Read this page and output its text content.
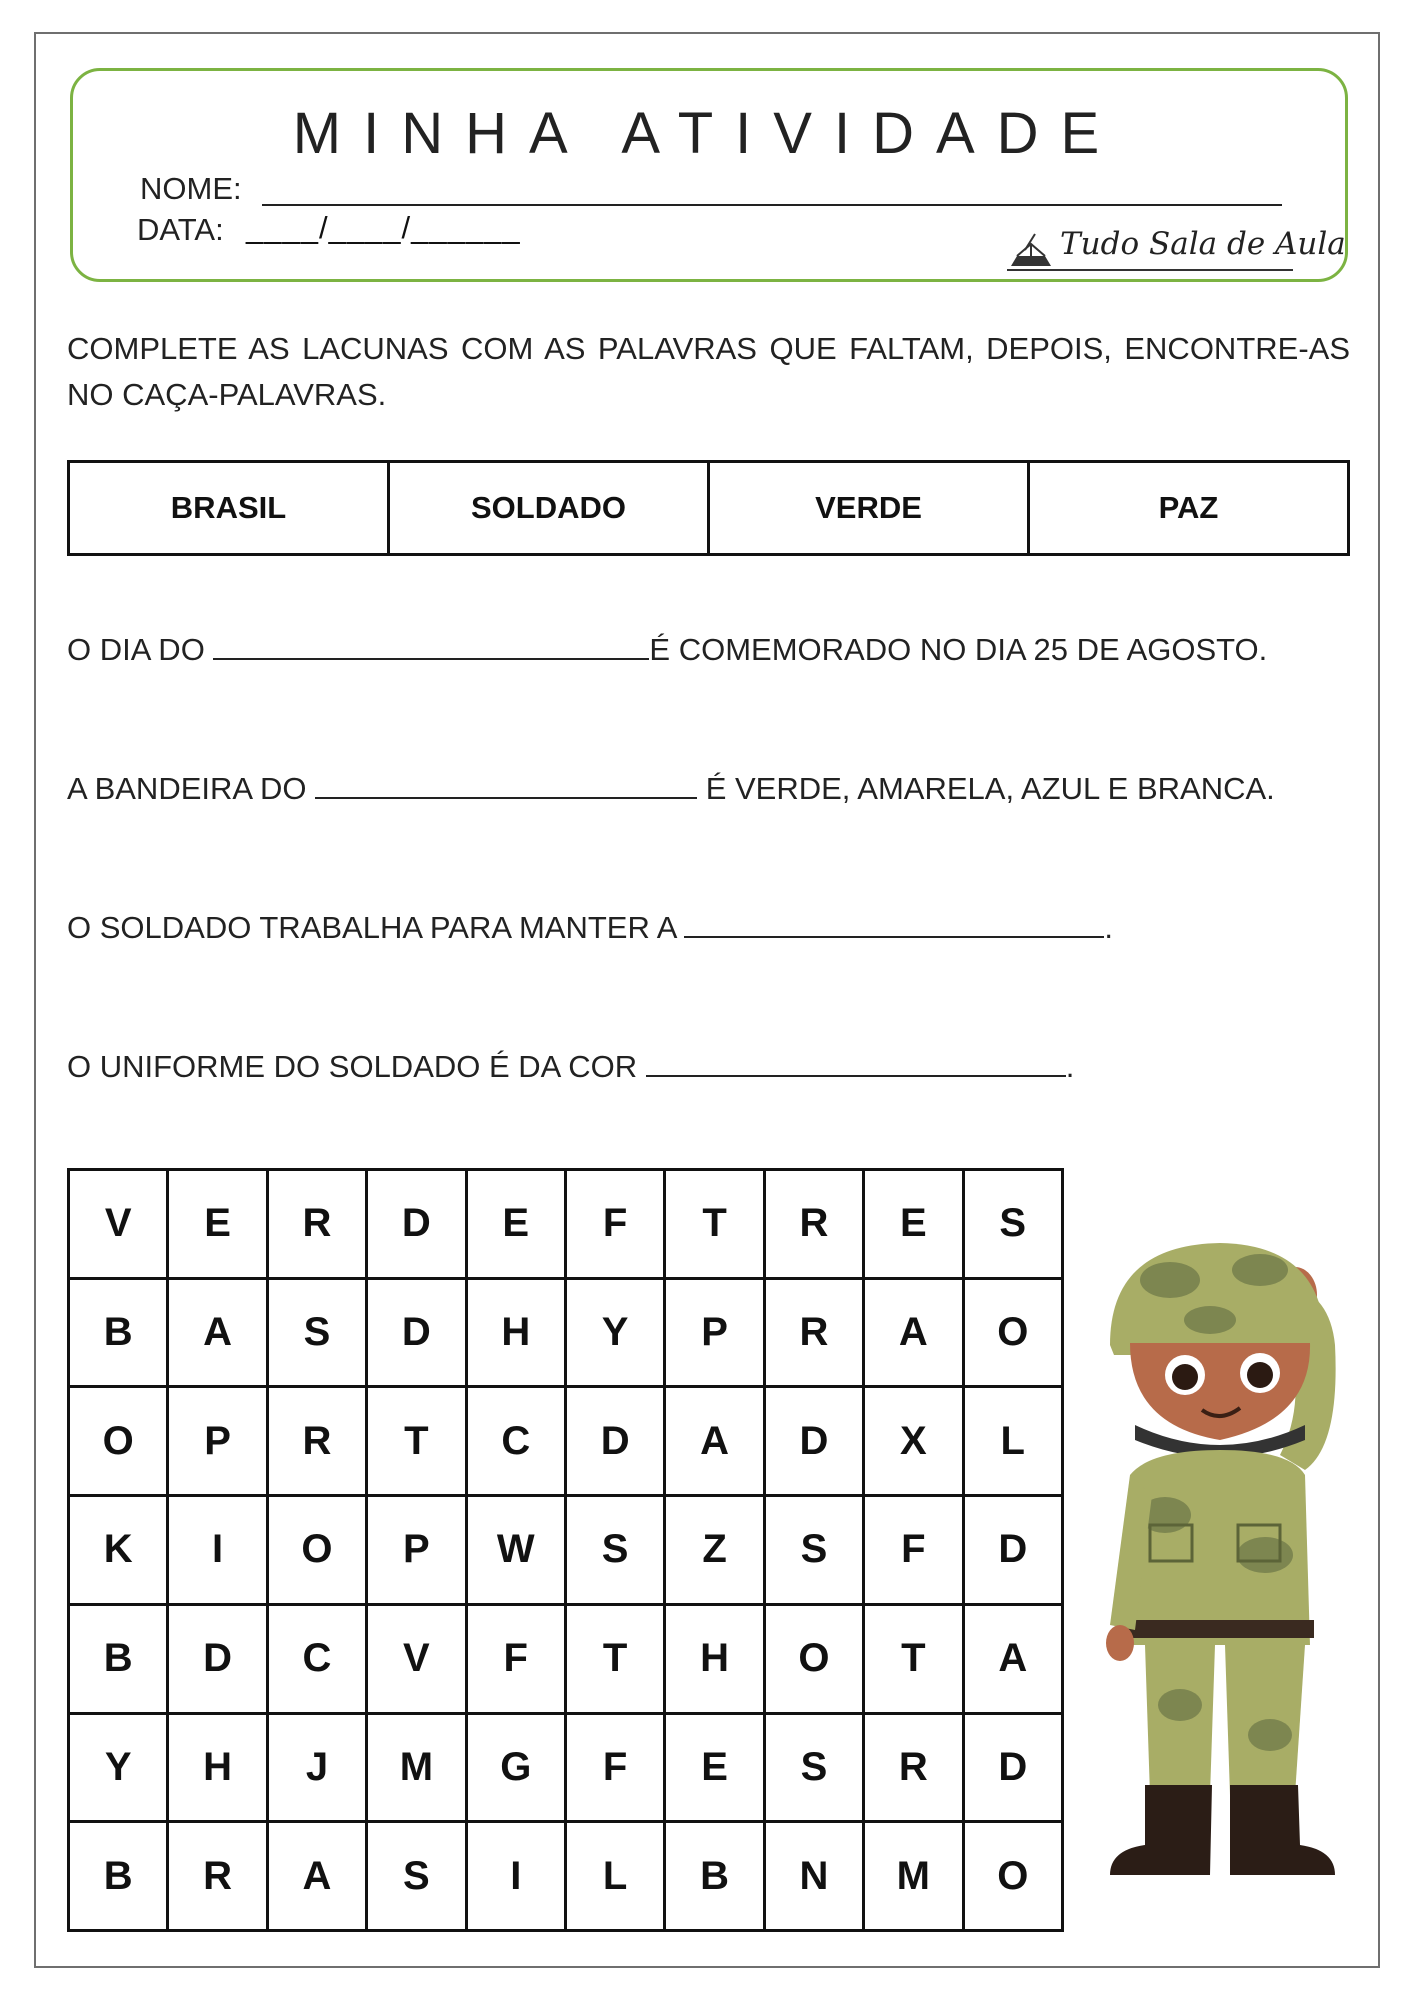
MINHA ATIVIDADE
NOME:
DATA: ____/____/______	Tudo Sala de Aula
COMPLETE AS LACUNAS COM AS PALAVRAS QUE FALTAM, DEPOIS, ENCONTRE-AS NO CAÇA-PALAVRAS.
BRASIL	SOLDADO	VERDE	PAZ
O DIA DO	É COMEMORADO NO DIA 25 DE AGOSTO.
A BANDEIRA DO	É VERDE, AMARELA, AZUL E BRANCA.
O SOLDADO TRABALHA PARA MANTER A	.
O UNIFORME DO SOLDADO É DA COR	.
V	E	R	D	E	F	T	R	E	S
B	A	S	D	H	Y	P	R	A	O
O	P	R	T	C	D	A	D	X	L
K	I	O	P	W	S	Z	S	F	D
B	D	C	V	F	T	H	O	T	A
Y	H	J	M	G	F	E	S	R	D
B	R	A	S	I	L	B	N	M	O
